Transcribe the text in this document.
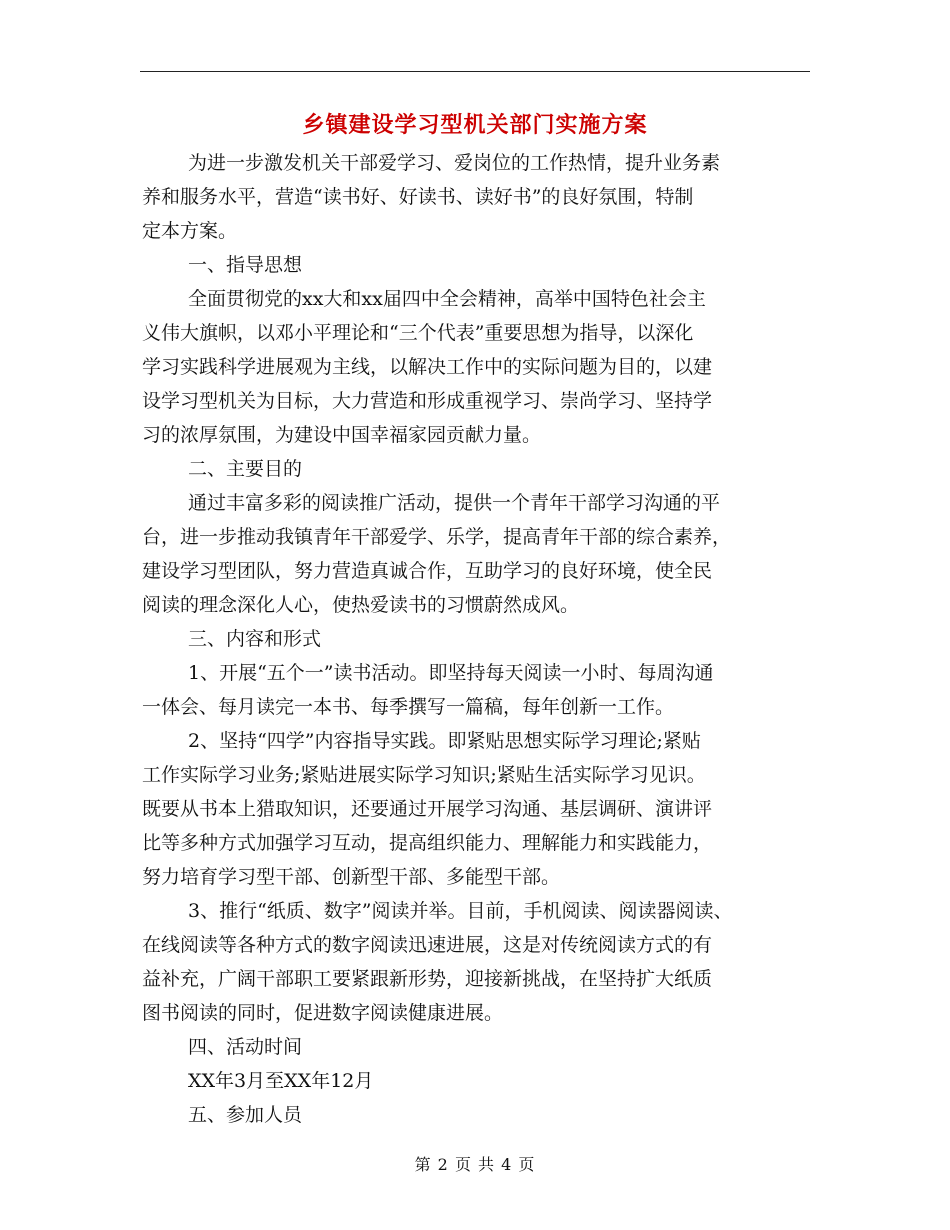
乡镇建设学习型机关部门实施方案
为进一步激发机关干部爱学习、爱岗位的工作热情，提升业务素
养和服务水平，营造“读书好、好读书、读好书”的良好氛围，特制
定本方案。
一、指导思想
全面贯彻党的xx大和xx届四中全会精神，高举中国特色社会主
义伟大旗帜，以邓小平理论和“三个代表”重要思想为指导，以深化
学习实践科学进展观为主线，以解决工作中的实际问题为目的，以建
设学习型机关为目标，大力营造和形成重视学习、崇尚学习、坚持学
习的浓厚氛围，为建设中国幸福家园贡献力量。
二、主要目的
通过丰富多彩的阅读推广活动，提供一个青年干部学习沟通的平
台，进一步推动我镇青年干部爱学、乐学，提高青年干部的综合素养，
建设学习型团队，努力营造真诚合作，互助学习的良好环境，使全民
阅读的理念深化人心，使热爱读书的习惯蔚然成风。
三、内容和形式
1、开展“五个一”读书活动。即坚持每天阅读一小时、每周沟通
一体会、每月读完一本书、每季撰写一篇稿，每年创新一工作。
2、坚持“四学”内容指导实践。即紧贴思想实际学习理论;紧贴
工作实际学习业务;紧贴进展实际学习知识;紧贴生活实际学习见识。
既要从书本上猎取知识，还要通过开展学习沟通、基层调研、演讲评
比等多种方式加强学习互动，提高组织能力、理解能力和实践能力，
努力培育学习型干部、创新型干部、多能型干部。
3、推行“纸质、数字”阅读并举。目前，手机阅读、阅读器阅读、
在线阅读等各种方式的数字阅读迅速进展，这是对传统阅读方式的有
益补充，广阔干部职工要紧跟新形势，迎接新挑战，在坚持扩大纸质
图书阅读的同时，促进数字阅读健康进展。
四、活动时间
XX年3月至XX年12月
五、参加人员
第 2 页 共 4 页
